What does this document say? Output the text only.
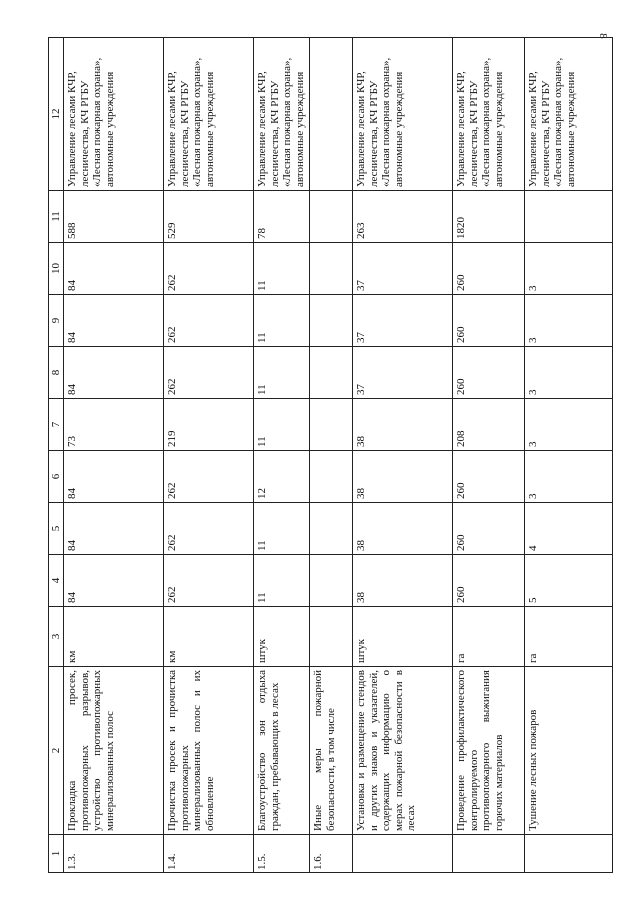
8
1	2	3	4	5	6	7	8	9	10	11	12
1.3.	Прокладка просек, противопожарных разрывов, устройство противопожарных минерализованных полос	км	84	84	84	73	84	84	84	588	Управление лесами КЧР, лесничества, КЧ РГБУ «Лесная пожарная охрана», автономные учреждения
1.4.	Прочистка просек и прочистка противопожарных минерализованных полос и их обновление	км	262	262	262	219	262	262	262	529	Управление лесами КЧР, лесничества, КЧ РГБУ «Лесная пожарная охрана», автономные учреждения
1.5.	Благоустройство зон отдыха граждан, пребывающих в лесах	штук	11	11	12	11	11	11	11	78	Управление лесами КЧР, лесничества, КЧ РГБУ «Лесная пожарная охрана», автономные учреждения
1.6.	Иные меры пожарной безопасности, в том числе										
	Установка и размещение стендов и других знаков и указателей, содержащих информацию о мерах пожарной безопасности в лесах	штук	38	38	38	38	37	37	37	263	Управление лесами КЧР, лесничества, КЧ РГБУ «Лесная пожарная охрана», автономные учреждения
	Проведение профилактического контролируемого противопожарного выжигания горючих материалов	га	260	260	260	208	260	260	260	1820	Управление лесами КЧР, лесничества, КЧ РГБУ «Лесная пожарная охрана», автономные учреждения
	Тушение лесных пожаров	га	5	4	3	3	3	3	3		Управление лесами КЧР, лесничества, КЧ РГБУ «Лесная пожарная охрана», автономные учреждения
